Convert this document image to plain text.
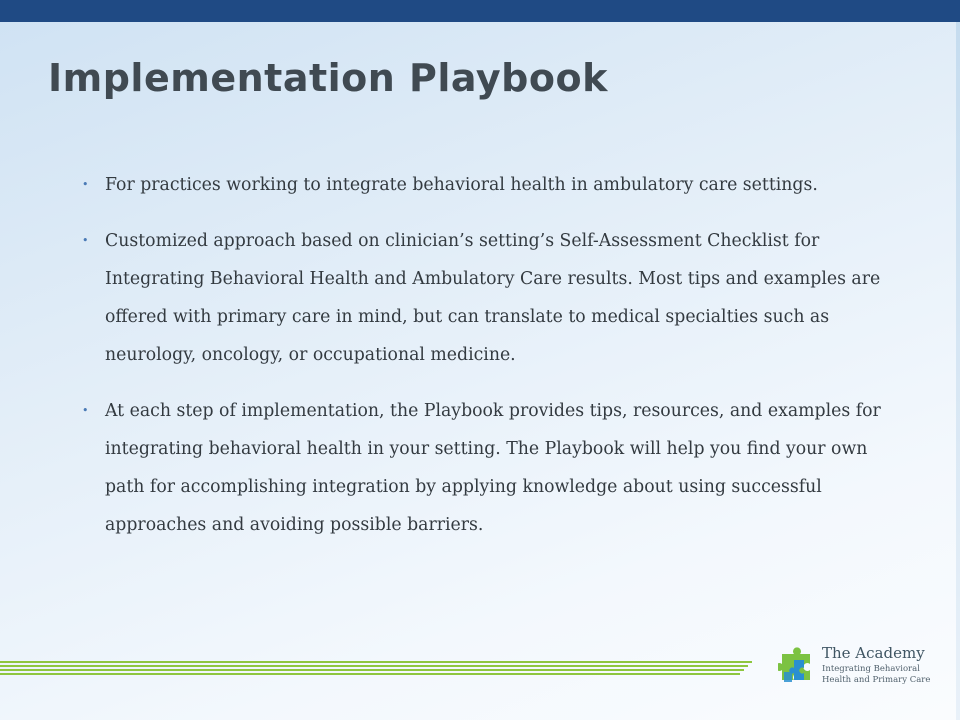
Implementation Playbook
• For practices working to integrate behavioral health in ambulatory care settings.
• Customized approach based on clinician’s setting’s Self-Assessment Checklist for Integrating Behavioral Health and Ambulatory Care results. Most tips and examples are offered with primary care in mind, but can translate to medical specialties such as neurology, oncology, or occupational medicine.
• At each step of implementation, the Playbook provides tips, resources, and examples for integrating behavioral health in your setting. The Playbook will help you find your own path for accomplishing integration by applying knowledge about using successful approaches and avoiding possible barriers.
The Academy
Integrating Behavioral
Health and Primary Care
